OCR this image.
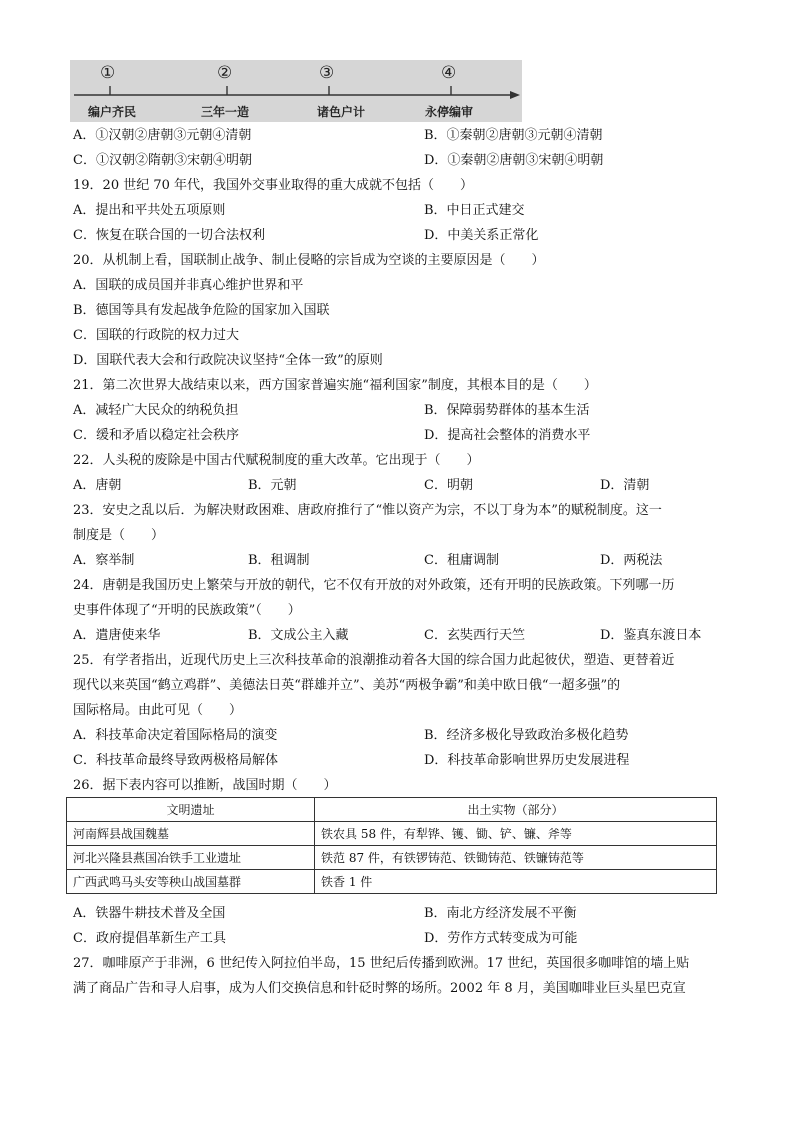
①	②	③	④
编户齐民	三年一造	诸色户计	永停编审
A．①汉朝②唐朝③元朝④清朝	B．①秦朝②唐朝③元朝④清朝
C．①汉朝②隋朝③宋朝④明朝	D．①秦朝②唐朝③宋朝④明朝
19．20 世纪 70 年代，我国外交事业取得的重大成就不包括（　　）
A．提出和平共处五项原则	B．中日正式建交
C．恢复在联合国的一切合法权利	D．中美关系正常化
20．从机制上看，国联制止战争、制止侵略的宗旨成为空谈的主要原因是（　　）
A．国联的成员国并非真心维护世界和平
B．德国等具有发起战争危险的国家加入国联
C．国联的行政院的权力过大
D．国联代表大会和行政院决议坚持“全体一致”的原则
21．第二次世界大战结束以来，西方国家普遍实施“福利国家”制度，其根本目的是（　　）
A．减轻广大民众的纳税负担	B．保障弱势群体的基本生活
C．缓和矛盾以稳定社会秩序	D．提高社会整体的消费水平
22．人头税的废除是中国古代赋税制度的重大改革。它出现于（　　）
A．唐朝	B．元朝	C．明朝	D．清朝
23．安史之乱以后．为解决财政困难、唐政府推行了“惟以资产为宗，不以丁身为本”的赋税制度。这一
制度是（　　）
A．察举制	B．租调制	C．租庸调制	D．两税法
24．唐朝是我国历史上繁荣与开放的朝代，它不仅有开放的对外政策，还有开明的民族政策。下列哪一历
史事件体现了“开明的民族政策”（　　）
A．遣唐使来华	B．文成公主入藏	C．玄奘西行天竺	D．鉴真东渡日本
25．有学者指出，近现代历史上三次科技革命的浪潮推动着各大国的综合国力此起彼伏，塑造、更替着近
现代以来英国“鹤立鸡群”、美德法日英“群雄并立”、美苏“两极争霸”和美中欧日俄“一超多强”的
国际格局。由此可见（　　）
A．科技革命决定着国际格局的演变	B．经济多极化导致政治多极化趋势
C．科技革命最终导致两极格局解体	D．科技革命影响世界历史发展进程
26．据下表内容可以推断，战国时期（　　）
文明遗址	出土实物（部分）
河南辉县战国魏墓	铁农具 58 件，有犁铧、镬、锄、铲、镰、斧等
河北兴隆县燕国冶铁手工业遗址	铁范 87 件，有铁锣铸范、铁锄铸范、铁镰铸范等
广西武鸣马头安等秧山战国墓群	铁香 1 件
A．铁器牛耕技术普及全国	B．南北方经济发展不平衡
C．政府提倡革新生产工具	D．劳作方式转变成为可能
27．咖啡原产于非洲，6 世纪传入阿拉伯半岛，15 世纪后传播到欧洲。17 世纪，英国很多咖啡馆的墙上贴
满了商品广告和寻人启事，成为人们交换信息和针砭时弊的场所。2002 年 8 月，美国咖啡业巨头星巴克宣
